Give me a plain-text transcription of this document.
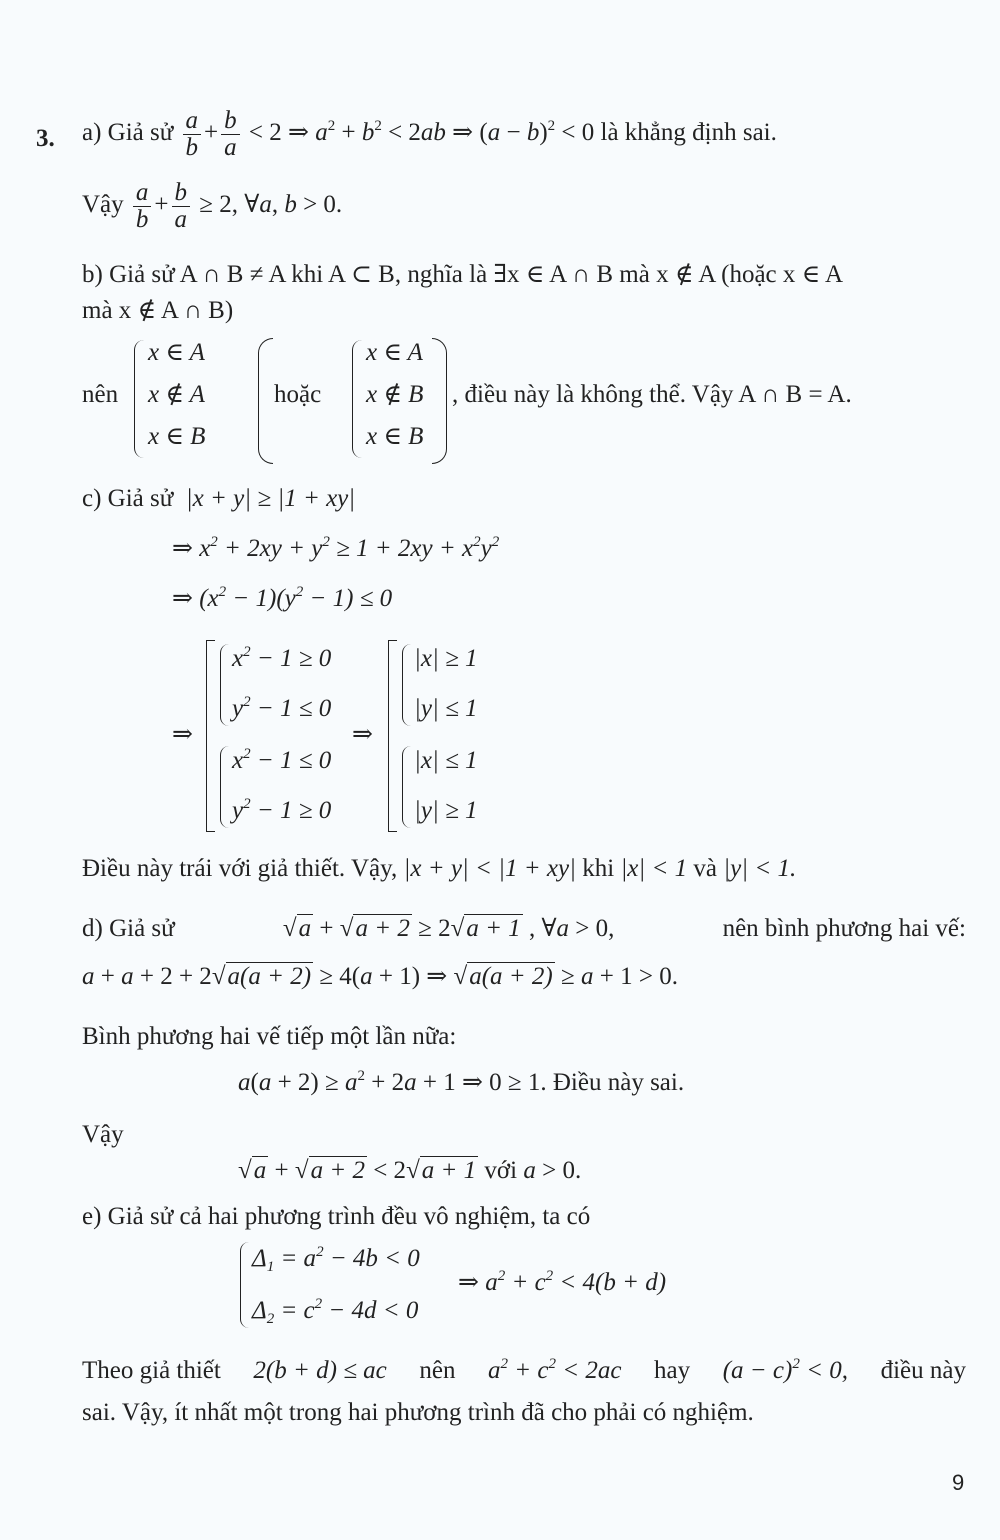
3. a) Giả sử $\frac{a}{b} + \frac{b}{a} < 2$ ⇒ $a^2 + b^2 < 2ab$ ⇒ $(a - b)^2 < 0$ là khẳng định sai.
Vậy $\frac{a}{b} + \frac{b}{a} \ge 2$, ∀a, b > 0.
b) Giả sử A ∩ B ≠ A khi A ⊂ B, nghĩa là ∃x ∈ A ∩ B mà x ∉ A (hoặc x ∈ A
mà x ∉ A ∩ B)
nên
x ∈ A
x ∉ A
x ∈ B
hoặc
x ∈ A
x ∉ B
x ∈ B
, điều này là không thể. Vậy A ∩ B = A.
c) Giả sử  |x + y| ≥ |1 + xy|
⇒ $x^2 + 2xy + y^2 \ge 1 + 2xy + x^2y^2$
⇒ $(x^2 - 1)(y^2 - 1) \le 0$
⇒
$x^2 - 1 \ge 0$
$y^2 - 1 \le 0$
$x^2 - 1 \le 0$
$y^2 - 1 \ge 0$
⇒
|x| ≥ 1
|y| ≤ 1
|x| ≤ 1
|y| ≥ 1
Điều này trái với giả thiết. Vậy, |x + y| < |1 + xy| khi |x| < 1 và |y| < 1.
d) Giả sử	√a + √a + 2 ≥ 2√a + 1 , ∀a > 0,	nên bình phương hai vế:
a + a + 2 + 2√a(a + 2) ≥ 4(a + 1) ⇒ √a(a + 2) ≥ a + 1 > 0.
Bình phương hai vế tiếp một lần nữa:
$a(a + 2) \ge a^2 + 2a + 1$ ⇒ 0 ≥ 1. Điều này sai.
Vậy
√a + √a + 2 < 2√a + 1 với a > 0.
e) Giả sử cả hai phương trình đều vô nghiệm, ta có
$\Delta_1 = a^2 - 4b < 0$
$\Delta_2 = c^2 - 4d < 0$
⇒ $a^2 + c^2 < 4(b + d)$
Theo giả thiết 2(b + d) ≤ ac nên $a^2 + c^2 < 2ac$ hay $(a - c)^2 < 0$, điều này
sai. Vậy, ít nhất một trong hai phương trình đã cho phải có nghiệm.
9
